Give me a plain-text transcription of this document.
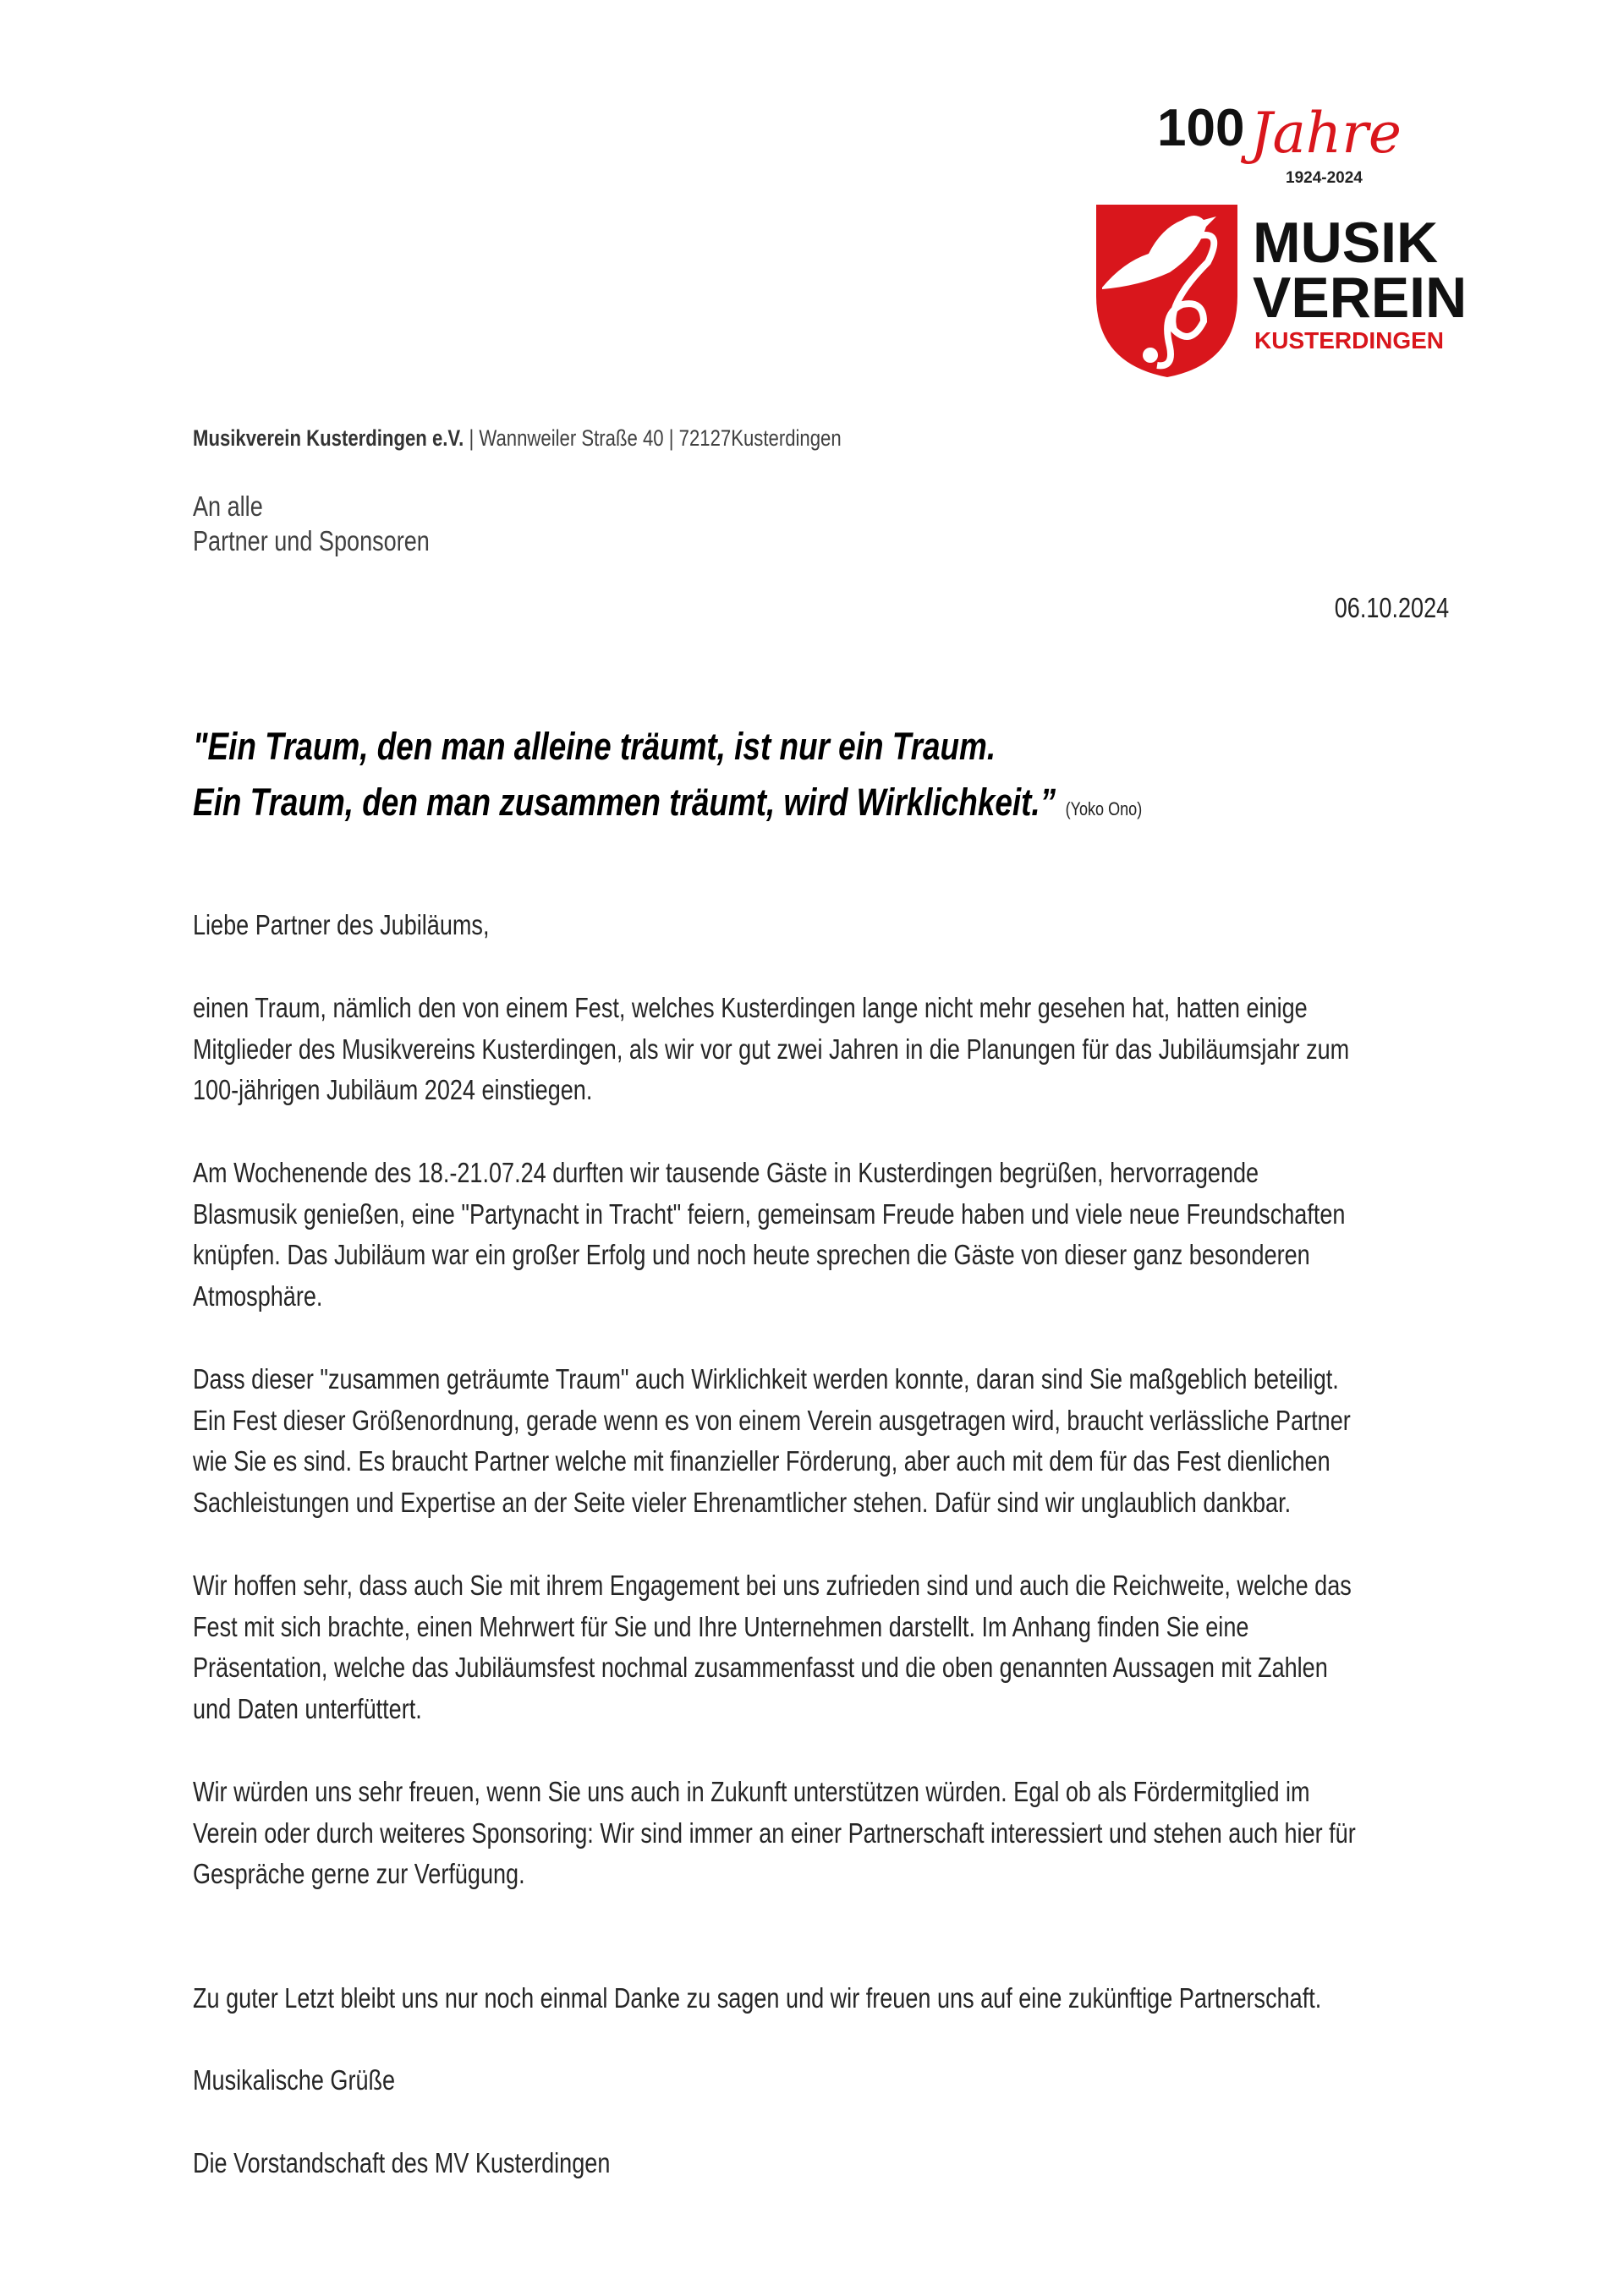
100 Jahre
1924-2024
MUSIK
VEREIN
KUSTERDINGEN
Musikverein Kusterdingen e.V. | Wannweiler Straße 40 | 72127Kusterdingen
An alle
Partner und Sponsoren
06.10.2024
"Ein Traum, den man alleine träumt, ist nur ein Traum.
Ein Traum, den man zusammen träumt, wird Wirklichkeit.” (Yoko Ono)
Liebe Partner des Jubiläums,
einen Traum, nämlich den von einem Fest, welches Kusterdingen lange nicht mehr gesehen hat, hatten einige
Mitglieder des Musikvereins Kusterdingen, als wir vor gut zwei Jahren in die Planungen für das Jubiläumsjahr zum
100-jährigen Jubiläum 2024 einstiegen.
Am Wochenende des 18.-21.07.24 durften wir tausende Gäste in Kusterdingen begrüßen, hervorragende
Blasmusik genießen, eine "Partynacht in Tracht" feiern, gemeinsam Freude haben und viele neue Freundschaften
knüpfen. Das Jubiläum war ein großer Erfolg und noch heute sprechen die Gäste von dieser ganz besonderen
Atmosphäre.
Dass dieser "zusammen geträumte Traum" auch Wirklichkeit werden konnte, daran sind Sie maßgeblich beteiligt.
Ein Fest dieser Größenordnung, gerade wenn es von einem Verein ausgetragen wird, braucht verlässliche Partner
wie Sie es sind. Es braucht Partner welche mit finanzieller Förderung, aber auch mit dem für das Fest dienlichen
Sachleistungen und Expertise an der Seite vieler Ehrenamtlicher stehen. Dafür sind wir unglaublich dankbar.
Wir hoffen sehr, dass auch Sie mit ihrem Engagement bei uns zufrieden sind und auch die Reichweite, welche das
Fest mit sich brachte, einen Mehrwert für Sie und Ihre Unternehmen darstellt. Im Anhang finden Sie eine
Präsentation, welche das Jubiläumsfest nochmal zusammenfasst und die oben genannten Aussagen mit Zahlen
und Daten unterfüttert.
Wir würden uns sehr freuen, wenn Sie uns auch in Zukunft unterstützen würden. Egal ob als Fördermitglied im
Verein oder durch weiteres Sponsoring: Wir sind immer an einer Partnerschaft interessiert und stehen auch hier für
Gespräche gerne zur Verfügung.
Zu guter Letzt bleibt uns nur noch einmal Danke zu sagen und wir freuen uns auf eine zukünftige Partnerschaft.
Musikalische Grüße
Die Vorstandschaft des MV Kusterdingen
